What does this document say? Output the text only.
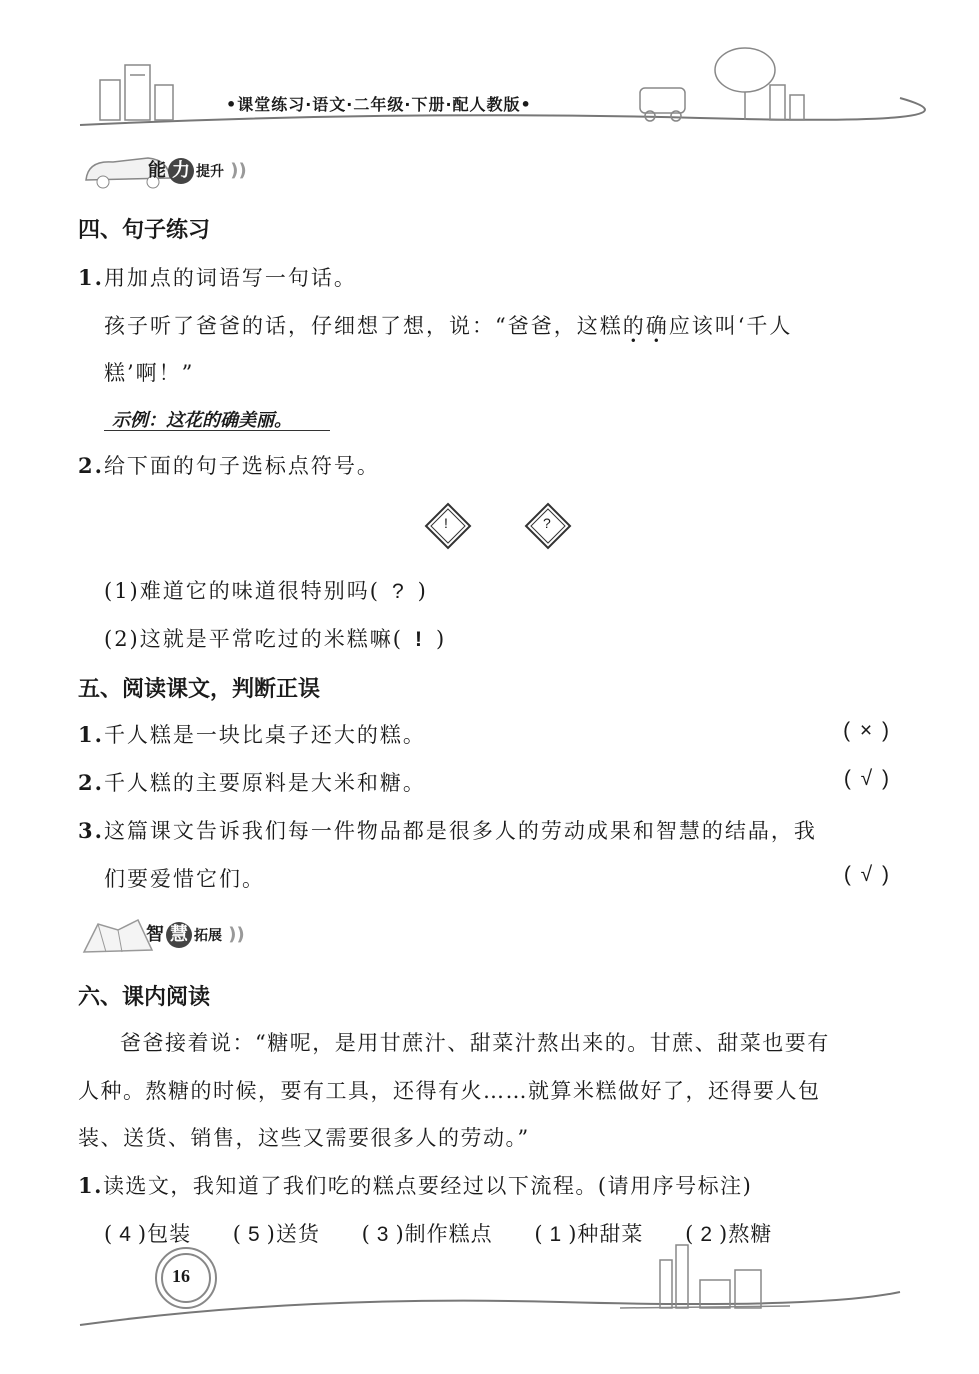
•课堂练习·语文·二年级·下册·配人教版•
能 力 提升 ))
四、句子练习
1.用加点的词语写一句话。
孩子听了爸爸的话，仔细想了想，说：“爸爸，这糕的确应该叫‘千人
糕’啊！”
示例：这花的确美丽。
2.给下面的句子选标点符号。
!	?
(1)难道它的味道很特别吗( ? )
(2)这就是平常吃过的米糕嘛( ! )
五、阅读课文，判断正误
1.千人糕是一块比桌子还大的糕。	( × )
2.千人糕的主要原料是大米和糖。	( √ )
3.这篇课文告诉我们每一件物品都是很多人的劳动成果和智慧的结晶，我
们要爱惜它们。	( √ )
智 慧 拓展 ))
六、课内阅读
爸爸接着说：“糖呢，是用甘蔗汁、甜菜汁熬出来的。甘蔗、甜菜也要有
人种。熬糖的时候，要有工具，还得有火……就算米糕做好了，还得要人包
装、送货、销售，这些又需要很多人的劳动。”
1.读选文，我知道了我们吃的糕点要经过以下流程。(请用序号标注)
( 4 )包装 ( 5 )送货 ( 3 )制作糕点 ( 1 )种甜菜 ( 2 )熬糖
16
